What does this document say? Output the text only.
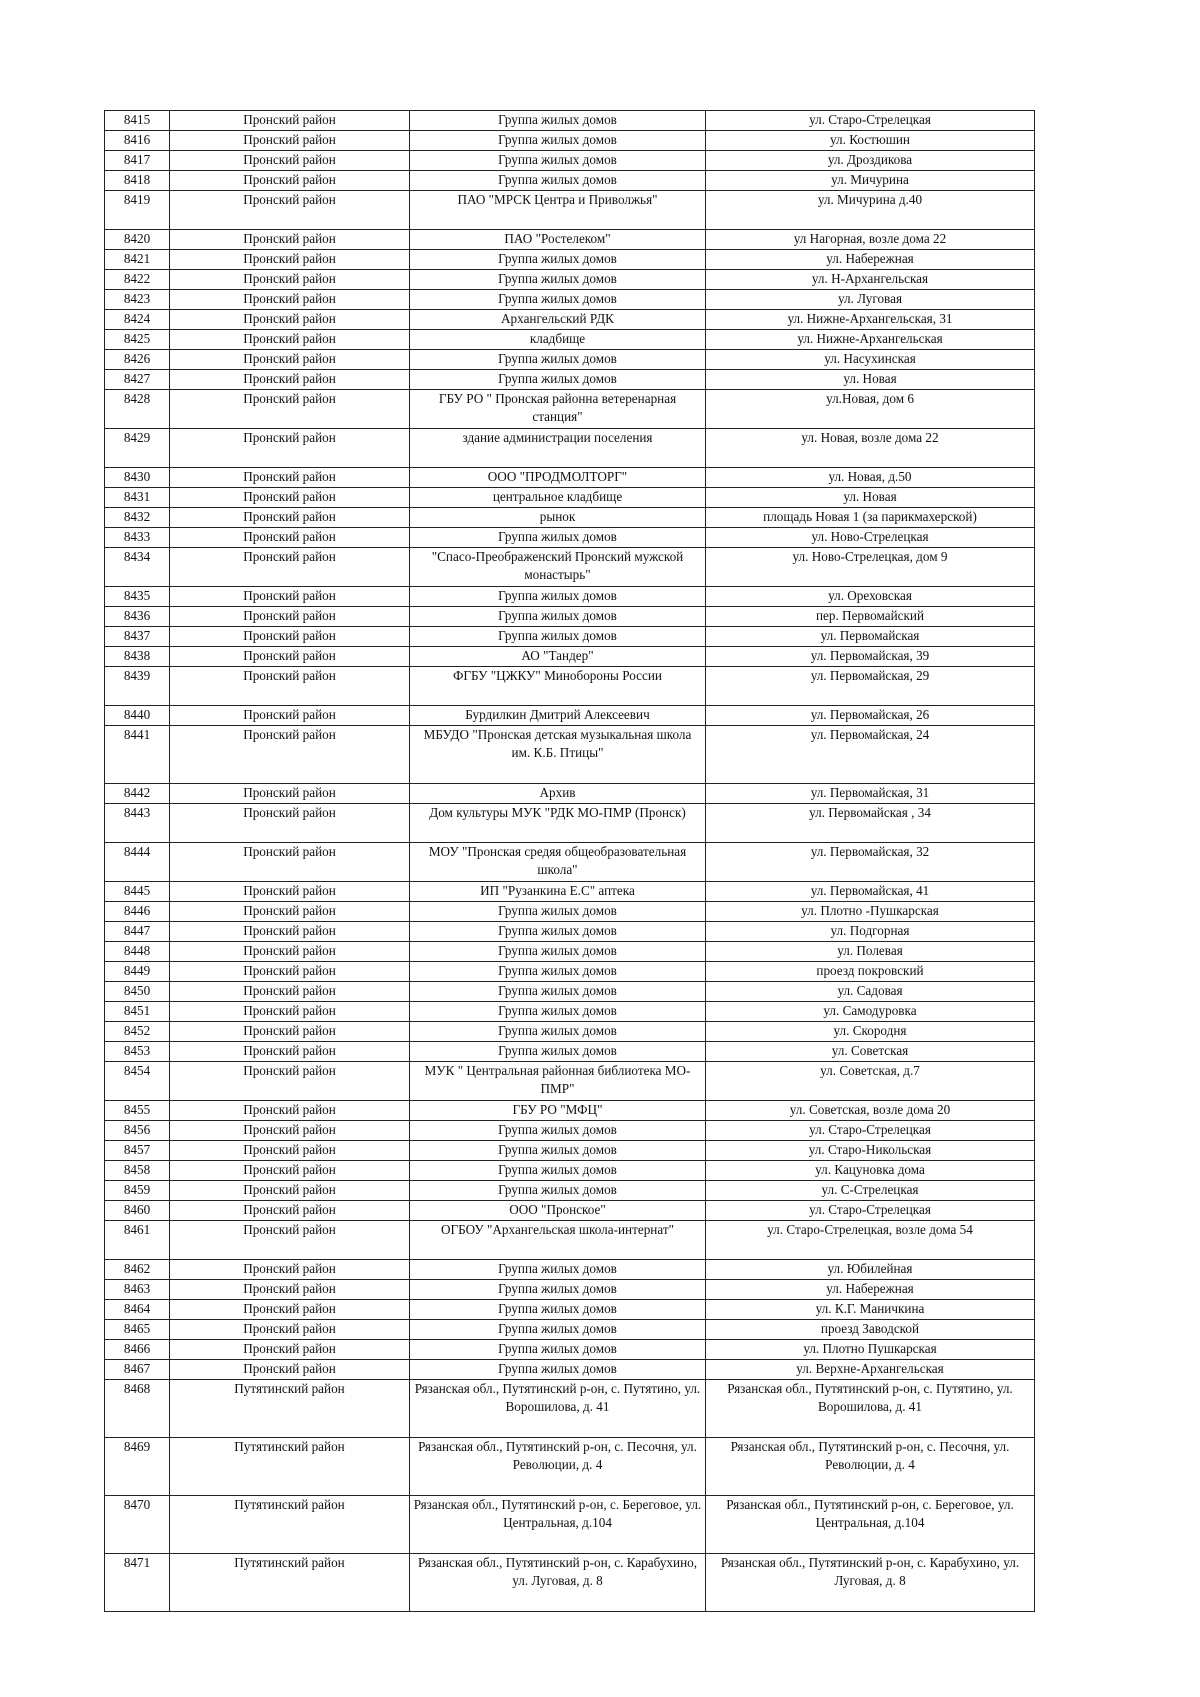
8415	Пронский район	Группа жилых домов	ул. Старо-Стрелецкая
8416	Пронский район	Группа жилых домов	ул. Костюшин
8417	Пронский район	Группа жилых домов	ул. Дроздикова
8418	Пронский район	Группа жилых домов	ул. Мичурина
8419	Пронский район	ПАО "МРСК Центра и Приволжья"	ул. Мичурина д.40
8420	Пронский район	ПАО "Ростелеком"	ул Нагорная, возле дома 22
8421	Пронский район	Группа жилых домов	ул. Набережная
8422	Пронский район	Группа жилых домов	ул. Н-Архангельская
8423	Пронский район	Группа жилых домов	ул. Луговая
8424	Пронский район	Архангельский РДК	ул. Нижне-Архангельская, 31
8425	Пронский район	кладбище	ул. Нижне-Архангельская
8426	Пронский район	Группа жилых домов	ул. Насухинская
8427	Пронский район	Группа жилых домов	ул. Новая
8428	Пронский район	ГБУ РО " Пронская районна ветеренарная станция"	ул.Новая, дом 6
8429	Пронский район	здание администрации поселения	ул. Новая, возле дома 22
8430	Пронский район	ООО "ПРОДМОЛТОРГ"	ул. Новая, д.50
8431	Пронский район	центральное кладбище	ул. Новая
8432	Пронский район	рынок	площадь Новая 1 (за парикмахерской)
8433	Пронский район	Группа жилых домов	ул. Ново-Стрелецкая
8434	Пронский район	"Спасо-Преображенский Пронский мужской монастырь"	ул. Ново-Стрелецкая, дом 9
8435	Пронский район	Группа жилых домов	ул. Ореховская
8436	Пронский район	Группа жилых домов	пер. Первомайский
8437	Пронский район	Группа жилых домов	ул. Первомайская
8438	Пронский район	АО "Тандер"	ул. Первомайская, 39
8439	Пронский район	ФГБУ "ЦЖКУ" Минобороны России	ул. Первомайская, 29
8440	Пронский район	Бурдилкин Дмитрий Алексеевич	ул. Первомайская, 26
8441	Пронский район	МБУДО "Пронская детская музыкальная школа им. К.Б. Птицы"	ул. Первомайская, 24
8442	Пронский район	Архив	ул. Первомайская, 31
8443	Пронский район	Дом культуры МУК "РДК МО-ПМР (Пронск)	ул. Первомайская , 34
8444	Пронский район	МОУ "Пронская средяя общеобразовательная школа"	ул. Первомайская, 32
8445	Пронский район	ИП "Рузанкина Е.С" аптека	ул. Первомайская, 41
8446	Пронский район	Группа жилых домов	ул. Плотно -Пушкарская
8447	Пронский район	Группа жилых домов	ул. Подгорная
8448	Пронский район	Группа жилых домов	ул. Полевая
8449	Пронский район	Группа жилых домов	проезд покровский
8450	Пронский район	Группа жилых домов	ул. Садовая
8451	Пронский район	Группа жилых домов	ул. Самодуровка
8452	Пронский район	Группа жилых домов	ул. Скородня
8453	Пронский район	Группа жилых домов	ул. Советская
8454	Пронский район	МУК " Центральная районная библиотека МО-ПМР"	ул. Советская, д.7
8455	Пронский район	ГБУ РО "МФЦ"	ул. Советская, возле дома 20
8456	Пронский район	Группа жилых домов	ул. Старо-Стрелецкая
8457	Пронский район	Группа жилых домов	ул. Старо-Никольская
8458	Пронский район	Группа жилых домов	ул. Кацуновка дома
8459	Пронский район	Группа жилых домов	ул. С-Стрелецкая
8460	Пронский район	ООО "Пронское"	ул. Старо-Стрелецкая
8461	Пронский район	ОГБОУ "Архангельская школа-интернат"	ул. Старо-Стрелецкая, возле дома 54
8462	Пронский район	Группа жилых домов	ул. Юбилейная
8463	Пронский район	Группа жилых домов	ул. Набережная
8464	Пронский район	Группа жилых домов	ул. К.Г. Маничкина
8465	Пронский район	Группа жилых домов	проезд Заводской
8466	Пронский район	Группа жилых домов	ул. Плотно Пушкарская
8467	Пронский район	Группа жилых домов	ул. Верхне-Архангельская
8468	Путятинский район	Рязанская обл., Путятинский р-он, с. Путятино, ул. Ворошилова, д. 41	Рязанская обл., Путятинский р-он, с. Путятино, ул. Ворошилова, д. 41
8469	Путятинский район	Рязанская обл., Путятинский р-он, с. Песочня, ул. Революции, д. 4	Рязанская обл., Путятинский р-он, с. Песочня, ул. Революции, д. 4
8470	Путятинский район	Рязанская обл., Путятинский р-он, с. Береговое, ул. Центральная, д.104	Рязанская обл., Путятинский р-он, с. Береговое, ул. Центральная, д.104
8471	Путятинский район	Рязанская обл., Путятинский р-он, с. Карабухино, ул. Луговая, д. 8	Рязанская обл., Путятинский р-он, с. Карабухино, ул. Луговая, д. 8
